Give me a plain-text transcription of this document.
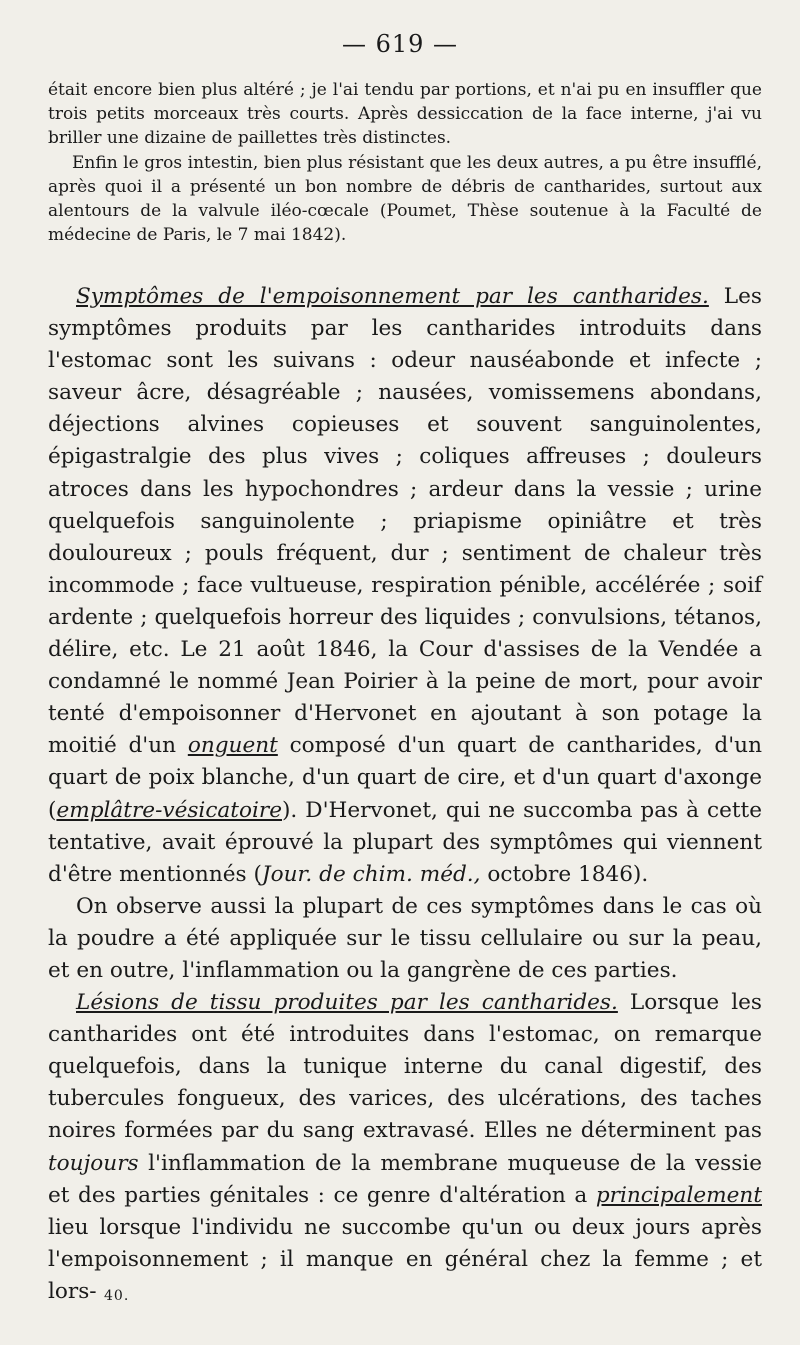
— 619 —

était encore bien plus altéré ; je l'ai tendu par portions, et n'ai pu en insuffler que trois petits morceaux très courts. Après dessiccation de la face interne, j'ai vu briller une dizaine de paillettes très distinctes.

Enfin le gros intestin, bien plus résistant que les deux autres, a pu être insufflé, après quoi il a présenté un bon nombre de débris de cantharides, surtout aux alentours de la valvule iléo-cœcale (Poumet, Thèse soutenue à la Faculté de médecine de Paris, le 7 mai 1842).

Symptômes de l'empoisonnement par les cantharides. Les symptômes produits par les cantharides introduits dans l'estomac sont les suivans : odeur nauséabonde et infecte ; saveur âcre, désagréable ; nausées, vomissemens abondans, déjections alvines copieuses et souvent sanguinolentes, épigastralgie des plus vives ; coliques affreuses ; douleurs atroces dans les hypochondres ; ardeur dans la vessie ; urine quelquefois sanguinolente ; priapisme opiniâtre et très douloureux ; pouls fréquent, dur ; sentiment de chaleur très incommode ; face vultueuse, respiration pénible, accélérée ; soif ardente ; quelquefois horreur des liquides ; convulsions, tétanos, délire, etc. Le 21 août 1846, la Cour d'assises de la Vendée a condamné le nommé Jean Poirier à la peine de mort, pour avoir tenté d'empoisonner d'Hervonet en ajoutant à son potage la moitié d'un onguent composé d'un quart de cantharides, d'un quart de poix blanche, d'un quart de cire, et d'un quart d'axonge (emplâtre-vésicatoire). D'Hervonet, qui ne succomba pas à cette tentative, avait éprouvé la plupart des symptômes qui viennent d'être mentionnés (Jour. de chim. méd., octobre 1846).

On observe aussi la plupart de ces symptômes dans le cas où la poudre a été appliquée sur le tissu cellulaire ou sur la peau, et en outre, l'inflammation ou la gangrène de ces parties.

Lésions de tissu produites par les cantharides. Lorsque les cantharides ont été introduites dans l'estomac, on remarque quelquefois, dans la tunique interne du canal digestif, des tubercules fongueux, des varices, des ulcérations, des taches noires formées par du sang extravasé. Elles ne déterminent pas toujours l'inflammation de la membrane muqueuse de la vessie et des parties génitales : ce genre d'altération a principalement lieu lorsque l'individu ne succombe qu'un ou deux jours après l'empoisonnement ; il manque en général chez la femme ; et lors- 40.
